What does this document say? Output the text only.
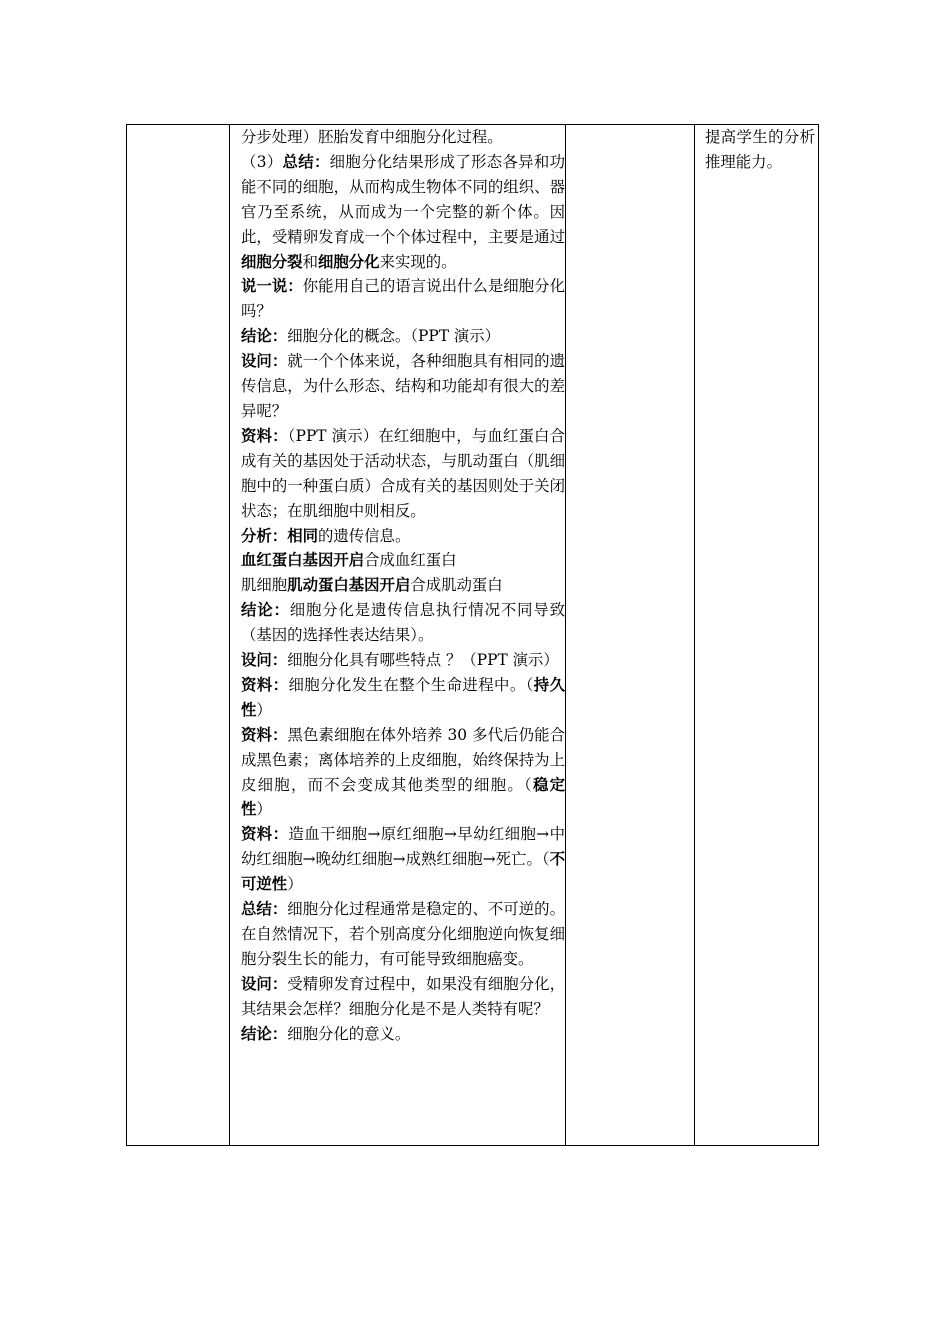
分步处理）胚胎发育中细胞分化过程。

（3）总结：细胞分化结果形成了形态各异和功能不同的细胞，从而构成生物体不同的组织、器官乃至系统，从而成为一个完整的新个体。因此，受精卵发育成一个个体过程中，主要是通过细胞分裂和细胞分化来实现的。

说一说：你能用自己的语言说出什么是细胞分化吗？

结论：细胞分化的概念。（PPT 演示）

设问：就一个个体来说，各种细胞具有相同的遗传信息，为什么形态、结构和功能却有很大的差异呢？

资料：（PPT 演示）在红细胞中，与血红蛋白合成有关的基因处于活动状态，与肌动蛋白（肌细胞中的一种蛋白质）合成有关的基因则处于关闭状态；在肌细胞中则相反。

分析：相同的遗传信息。

血红蛋白基因开启合成血红蛋白

肌细胞肌动蛋白基因开启合成肌动蛋白

结论：细胞分化是遗传信息执行情况不同导致（基因的选择性表达结果）。

设问：细胞分化具有哪些特点 ？（PPT 演示）

资料：细胞分化发生在整个生命进程中。（持久性）

资料：黑色素细胞在体外培养 30 多代后仍能合成黑色素；离体培养的上皮细胞，始终保持为上皮细胞，而不会变成其他类型的细胞。（稳定性）

资料：造血干细胞→原红细胞→早幼红细胞→中幼红细胞→晚幼红细胞→成熟红细胞→死亡。（不可逆性）

总结：细胞分化过程通常是稳定的、不可逆的。在自然情况下，若个别高度分化细胞逆向恢复细胞分裂生长的能力，有可能导致细胞癌变。

设问：受精卵发育过程中，如果没有细胞分化，其结果会怎样？细胞分化是不是人类特有呢？

结论：细胞分化的意义。

提高学生的分析推理能力。
